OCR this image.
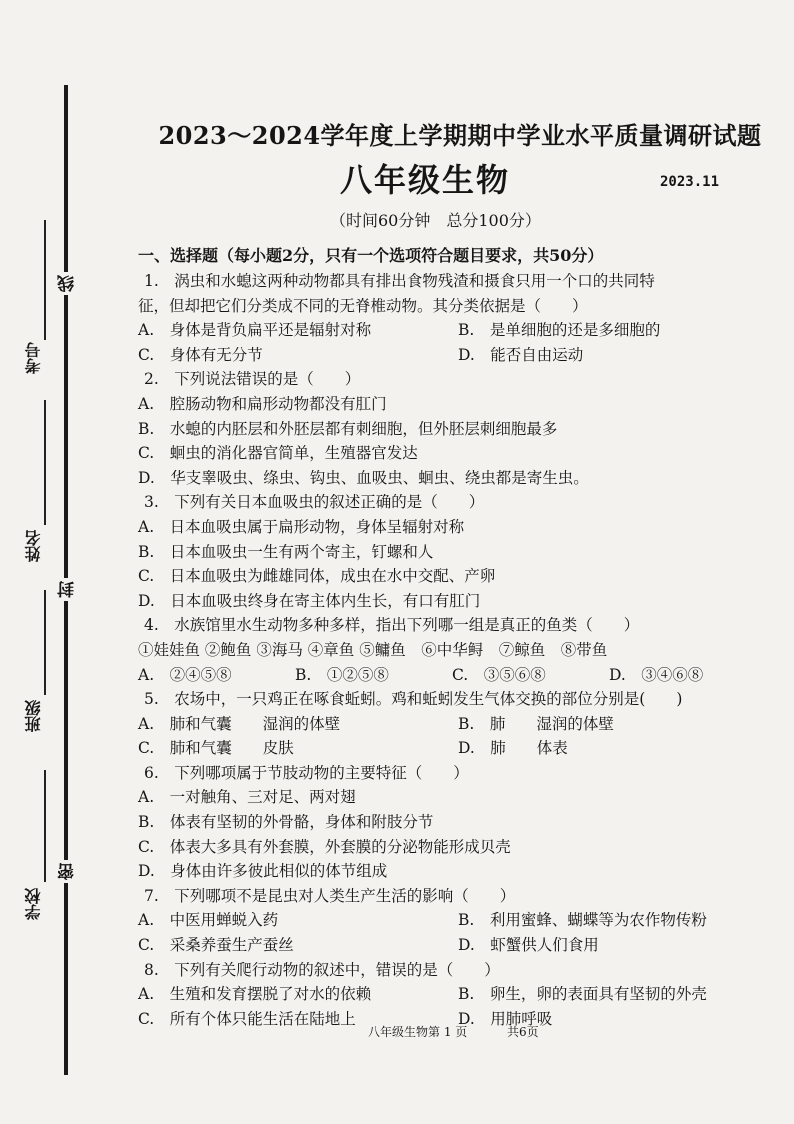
线
封
密
考号
姓名
班级
学校
2023～2024学年度上学期期中学业水平质量调研试题
八年级生物	2023.11
（时间60分钟　总分100分）
一、选择题（每小题2分，只有一个选项符合题目要求，共50分）
1.　涡虫和水螅这两种动物都具有排出食物残渣和摄食只用一个口的共同特
征，但却把它们分类成不同的无脊椎动物。其分类依据是（　　）
A.　身体是背负扁平还是辐射对称	B.　是单细胞的还是多细胞的
C.　身体有无分节	D.　能否自由运动
2.　下列说法错误的是（　　）
A.　腔肠动物和扁形动物都没有肛门
B.　水螅的内胚层和外胚层都有刺细胞，但外胚层刺细胞最多
C.　蛔虫的消化器官简单，生殖器官发达
D.　华支睾吸虫、绦虫、钩虫、血吸虫、蛔虫、绕虫都是寄生虫。
3.　下列有关日本血吸虫的叙述正确的是（　　）
A.　日本血吸虫属于扁形动物，身体呈辐射对称
B.　日本血吸虫一生有两个寄主，钉螺和人
C.　日本血吸虫为雌雄同体，成虫在水中交配、产卵
D.　日本血吸虫终身在寄主体内生长，有口有肛门
4.　水族馆里水生动物多种多样，指出下列哪一组是真正的鱼类（　　）
①娃娃鱼 ②鲍鱼 ③海马 ④章鱼 ⑤鳙鱼　⑥中华鲟　⑦鲸鱼　⑧带鱼
A.　②④⑤⑧	B.　①②⑤⑧	C.　③⑤⑥⑧	D.　③④⑥⑧
5.　农场中，一只鸡正在啄食蚯蚓。鸡和蚯蚓发生气体交换的部位分别是(　　)
A.　肺和气囊　　湿润的体壁	B.　肺　　湿润的体壁
C.　肺和气囊　　皮肤	D.　肺　　体表
6.　下列哪项属于节肢动物的主要特征（　　）
A.　一对触角、三对足、两对翅
B.　体表有坚韧的外骨骼，身体和附肢分节
C.　体表大多具有外套膜，外套膜的分泌物能形成贝壳
D.　身体由许多彼此相似的体节组成
7.　下列哪项不是昆虫对人类生产生活的影响（　　）
A.　中医用蝉蜕入药	B.　利用蜜蜂、蝴蝶等为农作物传粉
C.　采桑养蚕生产蚕丝	D.　虾蟹供人们食用
8.　下列有关爬行动物的叙述中，错误的是（　　）
A.　生殖和发育摆脱了对水的依赖	B.　卵生，卵的表面具有坚韧的外壳
C.　所有个体只能生活在陆地上	D.　用肺呼吸
八年级生物第 1 页	共6页
